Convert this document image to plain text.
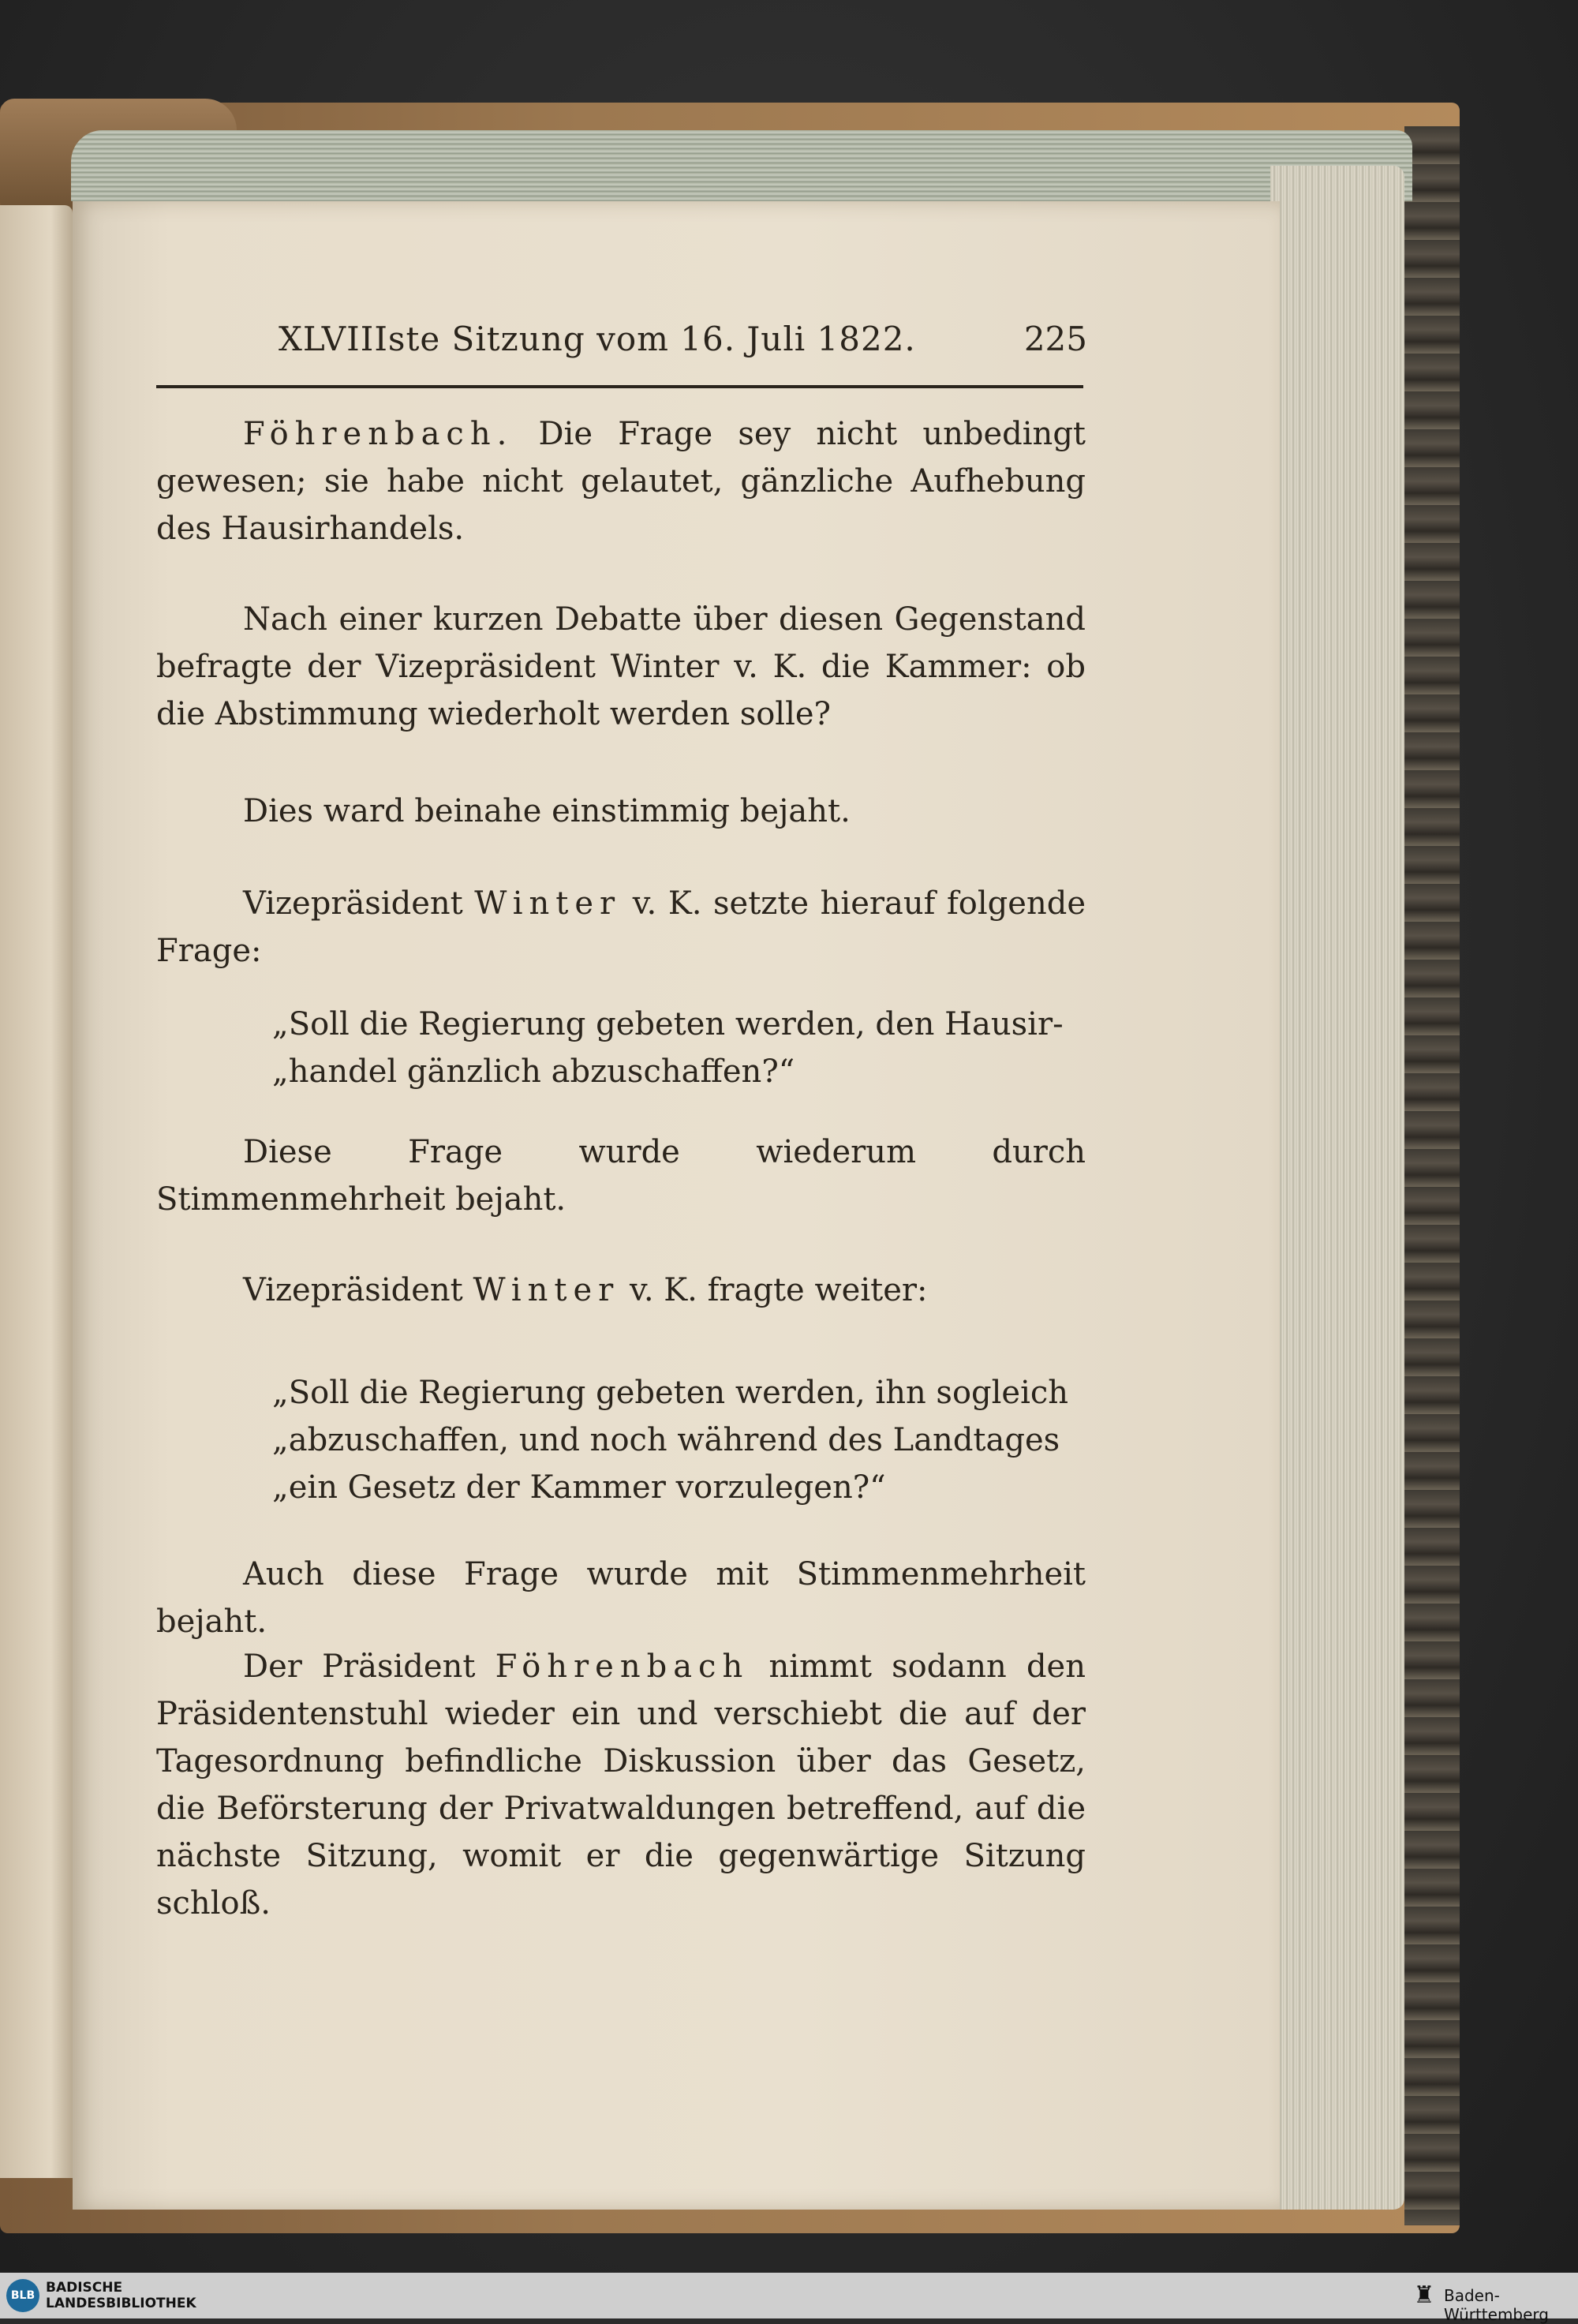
XLVIIIste Sitzung vom 16. Juli 1822.	225

Föhrenbach. Die Frage sey nicht unbedingt gewesen; sie habe nicht gelautet, gänzliche Aufhebung des Hausirhandels.

Nach einer kurzen Debatte über diesen Gegenstand befragte der Vizepräsident Winter v. K. die Kammer: ob die Abstimmung wiederholt werden solle?

Dies ward beinahe einstimmig bejaht.

Vizepräsident Winter v. K. setzte hierauf folgende Frage:

„Soll die Regierung gebeten werden, den Hausir-

„handel gänzlich abzuschaffen?“

Diese Frage wurde wiederum durch Stimmenmehrheit bejaht.

Vizepräsident Winter v. K. fragte weiter:

„Soll die Regierung gebeten werden, ihn sogleich

„abzuschaffen, und noch während des Landtages

„ein Gesetz der Kammer vorzulegen?“

Auch diese Frage wurde mit Stimmenmehrheit bejaht.

Der Präsident Föhrenbach nimmt sodann den Präsidentenstuhl wieder ein und verschiebt die auf der Tagesordnung befindliche Diskussion über das Gesetz, die Beförsterung der Privatwaldungen betreffend, auf die nächste Sitzung, womit er die gegenwärtige Sitzung schloß.

BLB BADISCHE
LANDESBIBLIOTHEK	♜ Baden-Württemberg
